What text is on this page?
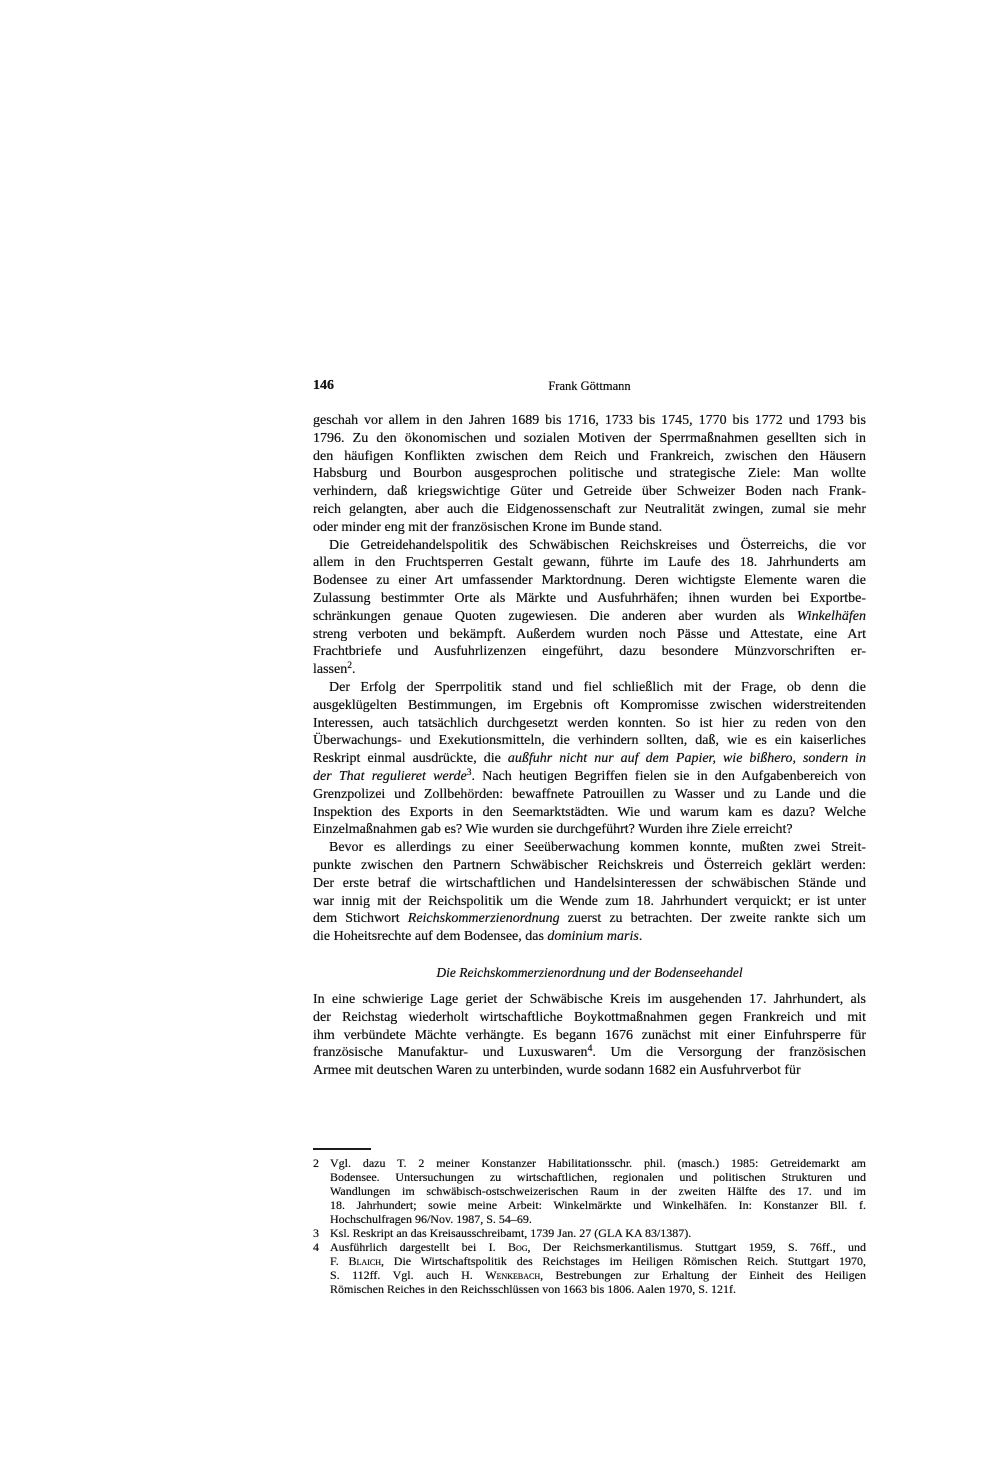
146	Frank Göttmann
geschah vor allem in den Jahren 1689 bis 1716, 1733 bis 1745, 1770 bis 1772 und 1793 bis
1796. Zu den ökonomischen und sozialen Motiven der Sperrmaßnahmen gesellten sich in
den häufigen Konflikten zwischen dem Reich und Frankreich, zwischen den Häusern
Habsburg und Bourbon ausgesprochen politische und strategische Ziele: Man wollte
verhindern, daß kriegswichtige Güter und Getreide über Schweizer Boden nach Frank-
reich gelangten, aber auch die Eidgenossenschaft zur Neutralität zwingen, zumal sie mehr
oder minder eng mit der französischen Krone im Bunde stand.
Die Getreidehandelspolitik des Schwäbischen Reichskreises und Österreichs, die vor
allem in den Fruchtsperren Gestalt gewann, führte im Laufe des 18. Jahrhunderts am
Bodensee zu einer Art umfassender Marktordnung. Deren wichtigste Elemente waren die
Zulassung bestimmter Orte als Märkte und Ausfuhrhäfen; ihnen wurden bei Exportbe-
schränkungen genaue Quoten zugewiesen. Die anderen aber wurden als Winkelhäfen
streng verboten und bekämpft. Außerdem wurden noch Pässe und Attestate, eine Art
Frachtbriefe und Ausfuhrlizenzen eingeführt, dazu besondere Münzvorschriften er-
lassen$^2$.
Der Erfolg der Sperrpolitik stand und fiel schließlich mit der Frage, ob denn die
ausgeklügelten Bestimmungen, im Ergebnis oft Kompromisse zwischen widerstreitenden
Interessen, auch tatsächlich durchgesetzt werden konnten. So ist hier zu reden von den
Überwachungs- und Exekutionsmitteln, die verhindern sollten, daß, wie es ein kaiserliches
Reskript einmal ausdrückte, die außfuhr nicht nur auf dem Papier, wie bißhero, sondern in
der That regulieret werde$^3$. Nach heutigen Begriffen fielen sie in den Aufgabenbereich von
Grenzpolizei und Zollbehörden: bewaffnete Patrouillen zu Wasser und zu Lande und die
Inspektion des Exports in den Seemarktstädten. Wie und warum kam es dazu? Welche
Einzelmaßnahmen gab es? Wie wurden sie durchgeführt? Wurden ihre Ziele erreicht?
Bevor es allerdings zu einer Seeüberwachung kommen konnte, mußten zwei Streit-
punkte zwischen den Partnern Schwäbischer Reichskreis und Österreich geklärt werden:
Der erste betraf die wirtschaftlichen und Handelsinteressen der schwäbischen Stände und
war innig mit der Reichspolitik um die Wende zum 18. Jahrhundert verquickt; er ist unter
dem Stichwort Reichskommerzienordnung zuerst zu betrachten. Der zweite rankte sich um
die Hoheitsrechte auf dem Bodensee, das dominium maris.
Die Reichskommerzienordnung und der Bodenseehandel
In eine schwierige Lage geriet der Schwäbische Kreis im ausgehenden 17. Jahrhundert, als
der Reichstag wiederholt wirtschaftliche Boykottmaßnahmen gegen Frankreich und mit
ihm verbündete Mächte verhängte. Es begann 1676 zunächst mit einer Einfuhrsperre für
französische Manufaktur- und Luxuswaren$^4$. Um die Versorgung der französischen
Armee mit deutschen Waren zu unterbinden, wurde sodann 1682 ein Ausfuhrverbot für
2 Vgl. dazu T. 2 meiner Konstanzer Habilitationsschr. phil. (masch.) 1985: Getreidemarkt am
Bodensee. Untersuchungen zu wirtschaftlichen, regionalen und politischen Strukturen und
Wandlungen im schwäbisch-ostschweizerischen Raum in der zweiten Hälfte des 17. und im
18. Jahrhundert; sowie meine Arbeit: Winkelmärkte und Winkelhäfen. In: Konstanzer Bll. f.
Hochschulfragen 96/Nov. 1987, S. 54–69.
3 Ksl. Reskript an das Kreisausschreibamt, 1739 Jan. 27 (GLA KA 83/1387).
4 Ausführlich dargestellt bei I. Bog, Der Reichsmerkantilismus. Stuttgart 1959, S. 76ff., und
F. Blaich, Die Wirtschaftspolitik des Reichstages im Heiligen Römischen Reich. Stuttgart 1970,
S. 112ff. Vgl. auch H. Wenkebach, Bestrebungen zur Erhaltung der Einheit des Heiligen
Römischen Reiches in den Reichsschlüssen von 1663 bis 1806. Aalen 1970, S. 121f.
